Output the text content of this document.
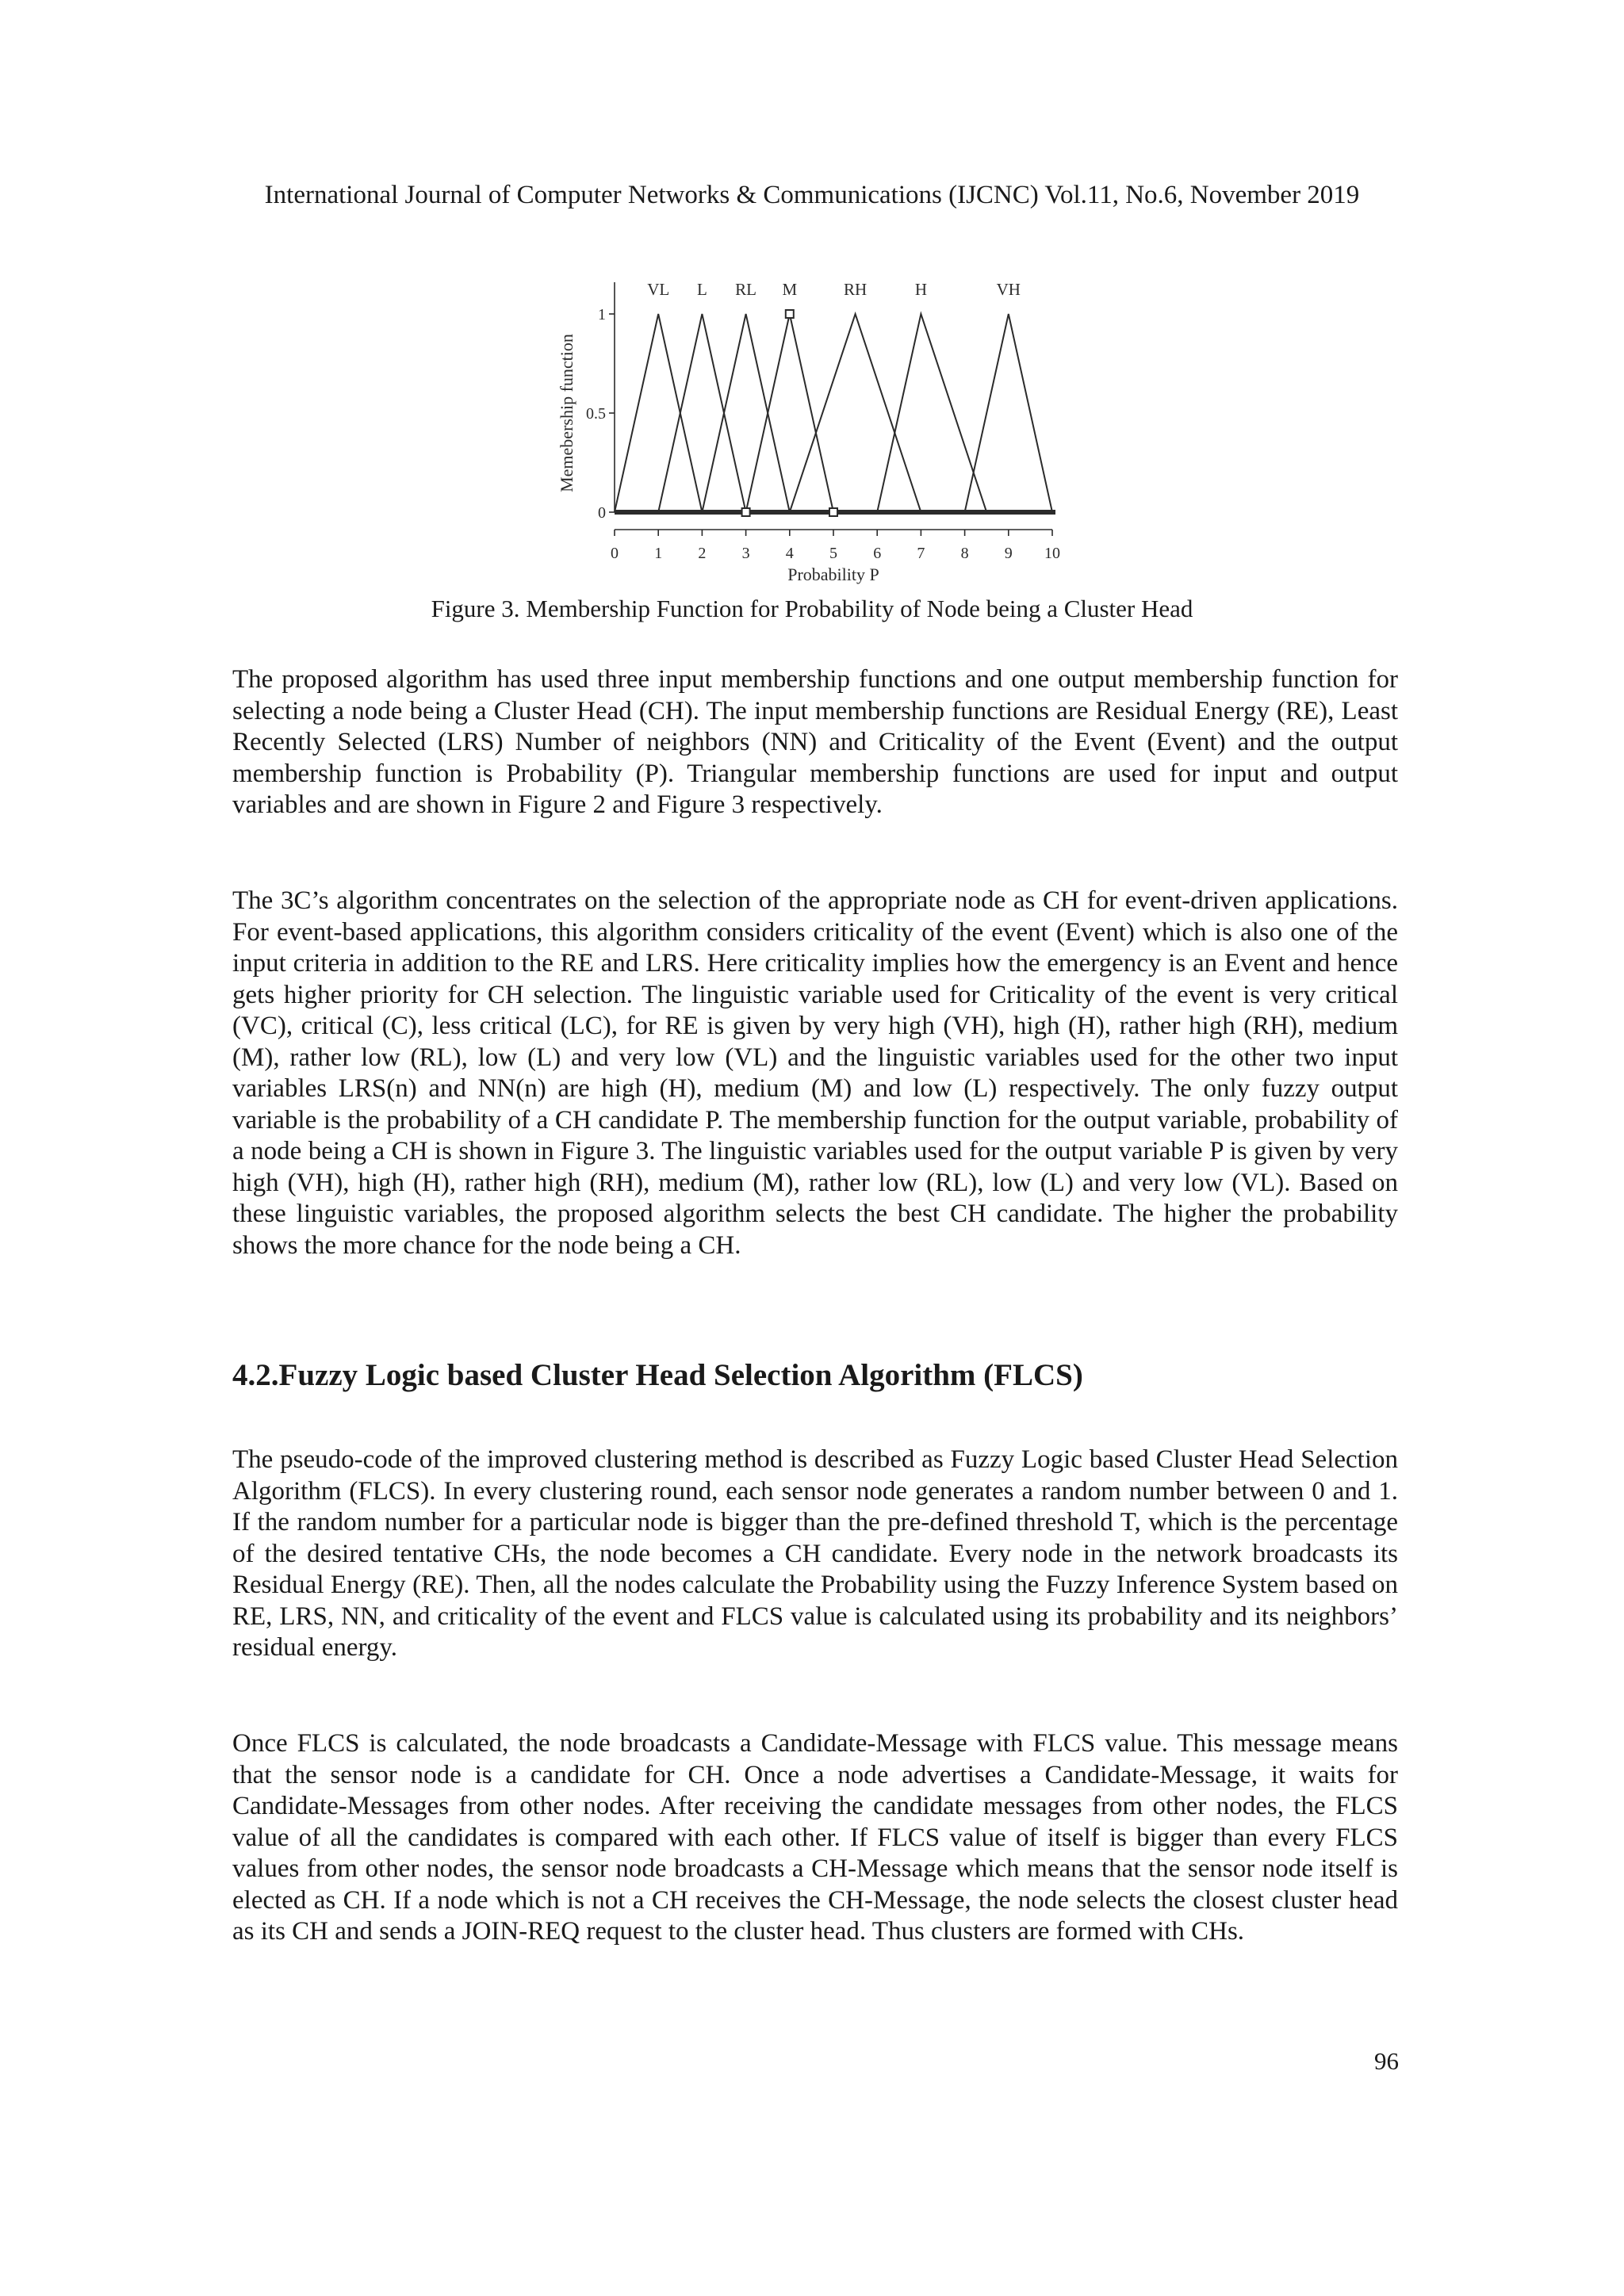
International Journal of Computer Networks & Communications (IJCNC) Vol.11, No.6, November 2019
Memebership function
Probability P
VL L RL M	RH	H	VH
0 1 2 3 4 5 6 7 8 9 10
0
0.5
1
Figure 3. Membership Function for Probability of Node being a Cluster Head

The proposed algorithm has used three input membership functions and one output membership function for selecting a node being a Cluster Head (CH). The input membership functions are Residual Energy (RE), Least Recently Selected (LRS) Number of neighbors (NN) and Criticality of the Event (Event) and the output membership function is Probability (P). Triangular membership functions are used for input and output variables and are shown in Figure 2 and Figure 3 respectively.

The 3C’s algorithm concentrates on the selection of the appropriate node as CH for event-driven applications. For event-based applications, this algorithm considers criticality of the event (Event) which is also one of the input criteria in addition to the RE and LRS. Here criticality implies how the emergency is an Event and hence gets higher priority for CH selection. The linguistic variable used for Criticality of the event is very critical (VC), critical (C), less critical (LC), for RE is given by very high (VH), high (H), rather high (RH), medium (M), rather low (RL), low (L) and very low (VL) and the linguistic variables used for the other two input variables LRS(n) and NN(n) are high (H), medium (M) and low (L) respectively. The only fuzzy output variable is the probability of a CH candidate P. The membership function for the output variable, probability of a node being a CH is shown in Figure 3. The linguistic variables used for the output variable P is given by very high (VH), high (H), rather high (RH), medium (M), rather low (RL), low (L) and very low (VL). Based on these linguistic variables, the proposed algorithm selects the best CH candidate. The higher the probability shows the more chance for the node being a CH.

4.2.Fuzzy Logic based Cluster Head Selection Algorithm (FLCS)

The pseudo-code of the improved clustering method is described as Fuzzy Logic based Cluster Head Selection Algorithm (FLCS). In every clustering round, each sensor node generates a random number between 0 and 1. If the random number for a particular node is bigger than the pre-defined threshold T, which is the percentage of the desired tentative CHs, the node becomes a CH candidate. Every node in the network broadcasts its Residual Energy (RE). Then, all the nodes calculate the Probability using the Fuzzy Inference System based on RE, LRS, NN, and criticality of the event and FLCS value is calculated using its probability and its neighbors’ residual energy.

Once FLCS is calculated, the node broadcasts a Candidate-Message with FLCS value. This message means that the sensor node is a candidate for CH. Once a node advertises a Candidate-Message, it waits for Candidate-Messages from other nodes. After receiving the candidate messages from other nodes, the FLCS value of all the candidates is compared with each other. If FLCS value of itself is bigger than every FLCS values from other nodes, the sensor node broadcasts a CH-Message which means that the sensor node itself is elected as CH. If a node which is not a CH receives the CH-Message, the node selects the closest cluster head as its CH and sends a JOIN-REQ request to the cluster head. Thus clusters are formed with CHs.

96
